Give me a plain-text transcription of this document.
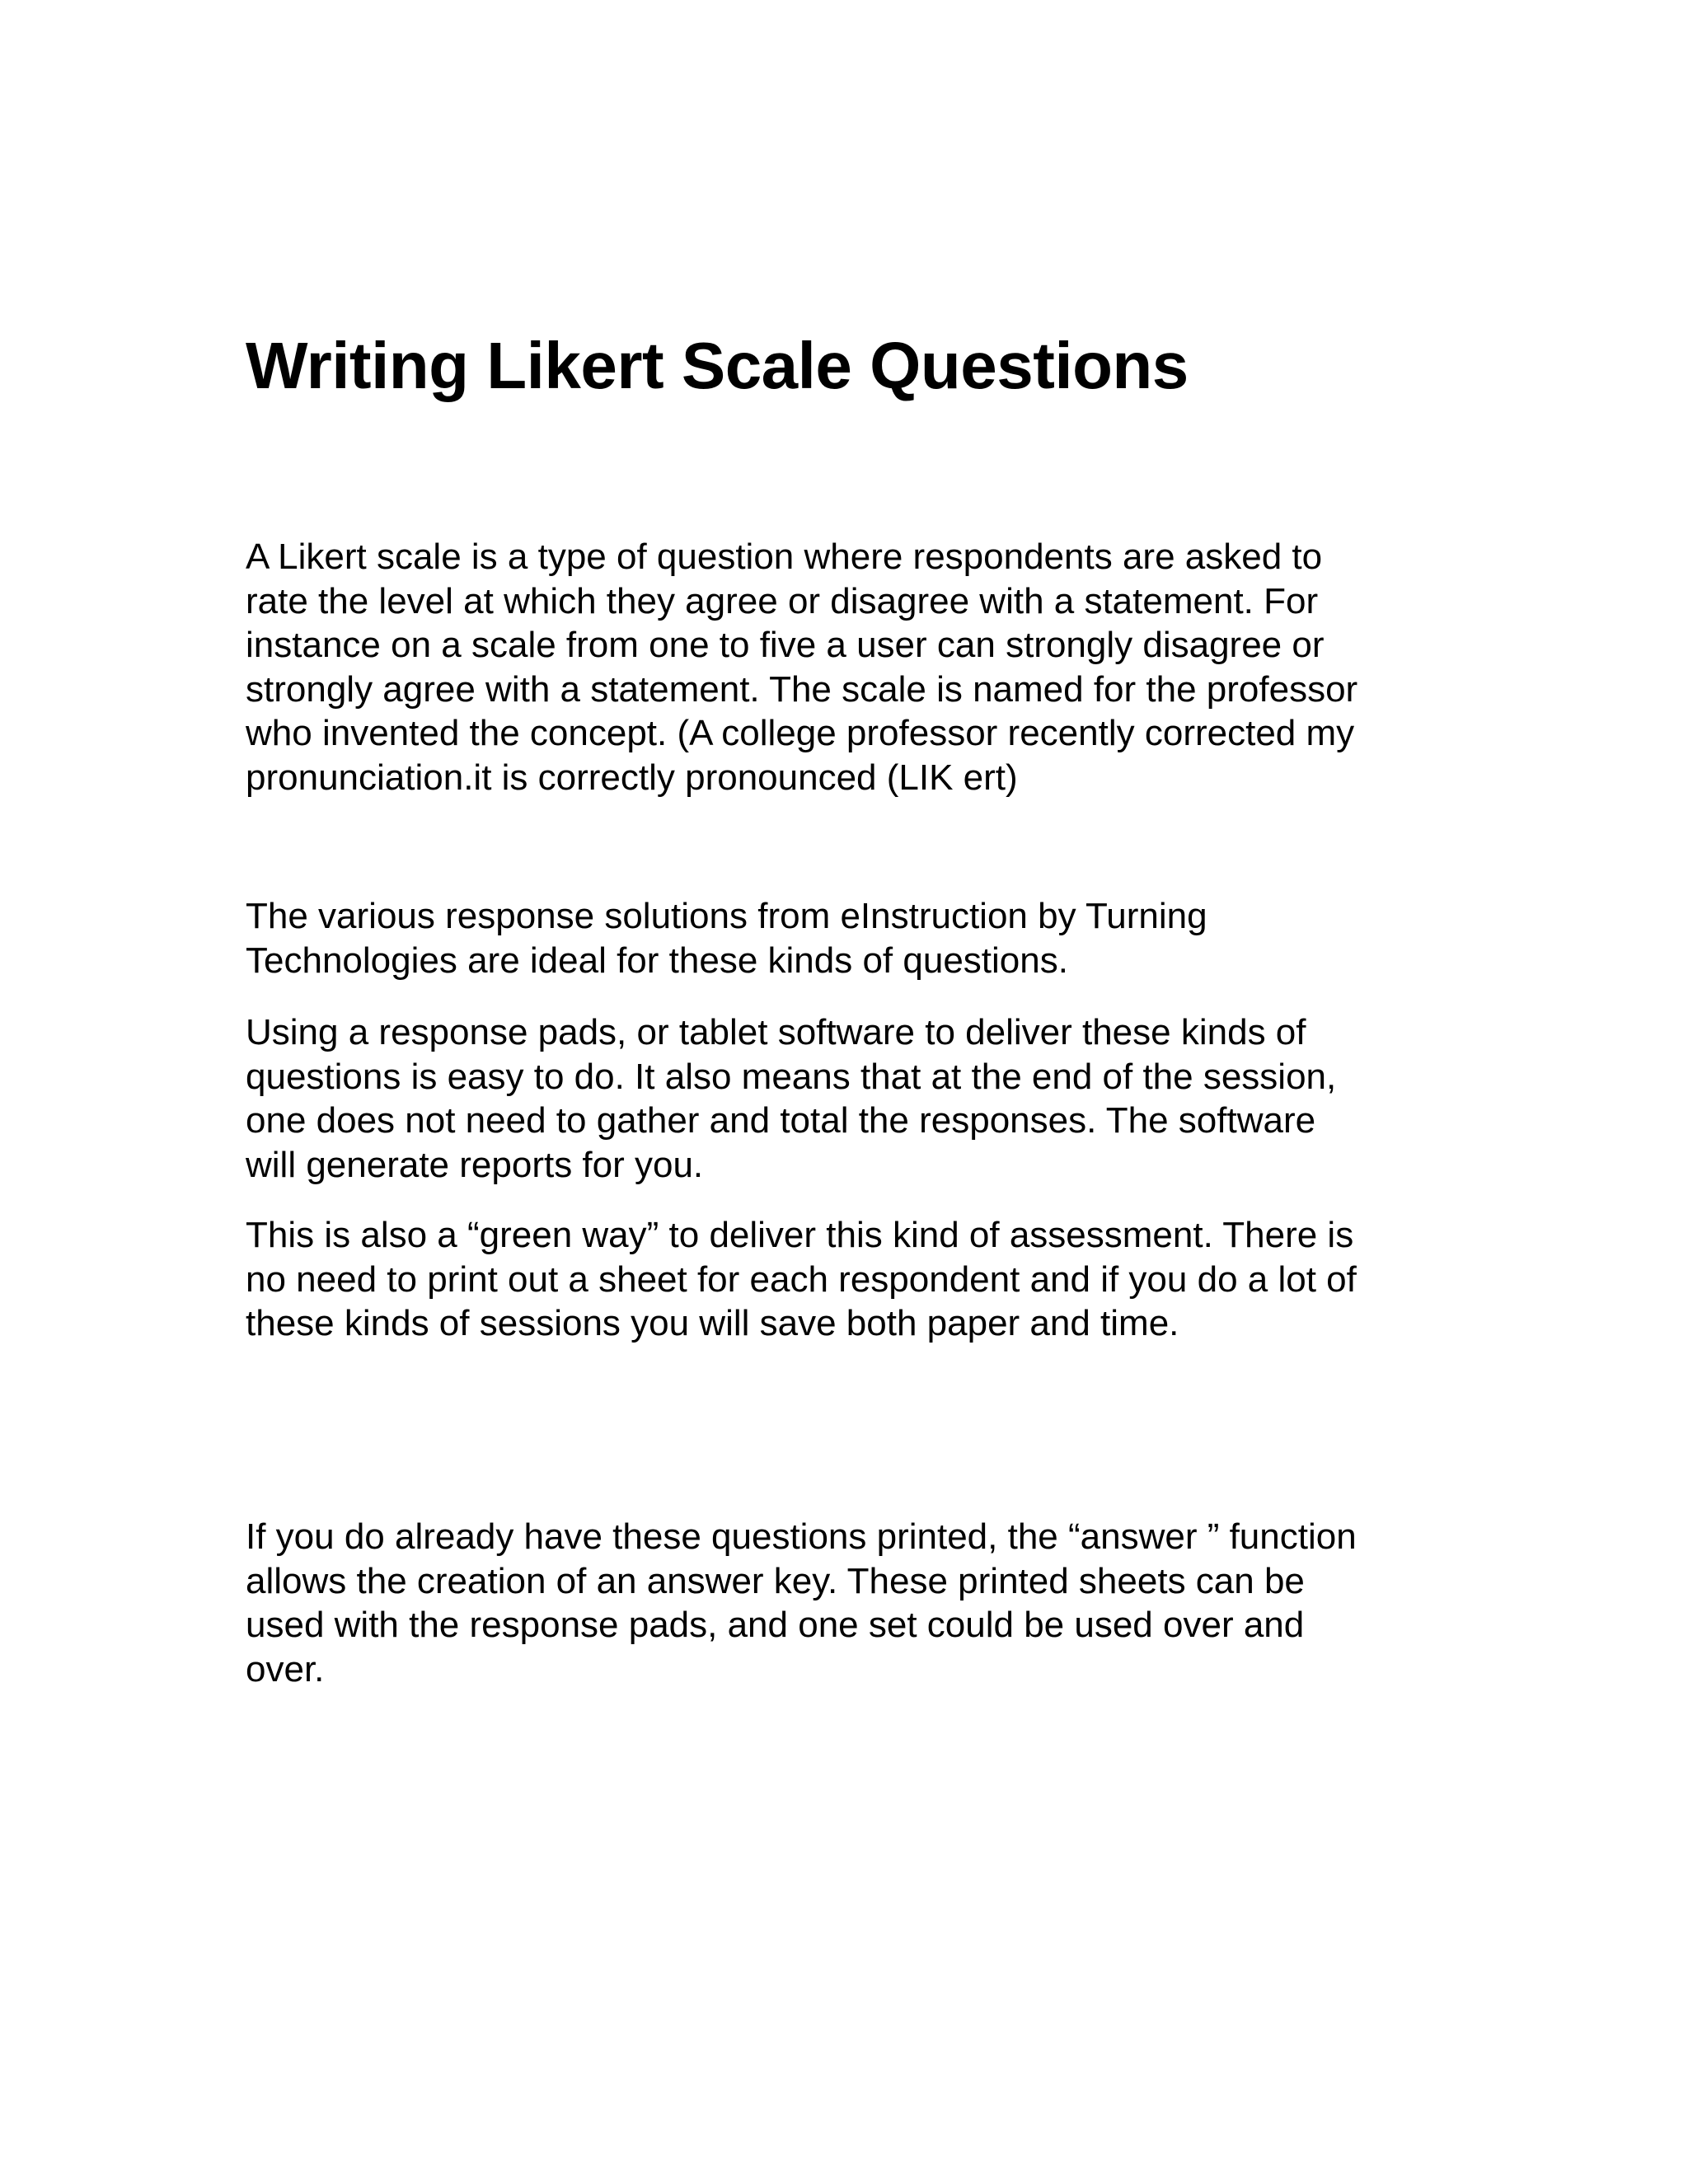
Writing Likert Scale Questions

A Likert scale is a type of question where respondents are asked to
rate the level at which they agree or disagree with a statement. For
instance on a scale from one to five a user can strongly disagree or
strongly agree with a statement. The scale is named for the professor
who invented the concept. (A college professor recently corrected my
pronunciation.it is correctly pronounced (LIK ert)

The various response solutions from eInstruction by Turning
Technologies are ideal for these kinds of questions.

Using a response pads, or tablet software to deliver these kinds of
questions is easy to do. It also means that at the end of the session,
one does not need to gather and total the responses. The software
will generate reports for you.

This is also a “green way” to deliver this kind of assessment. There is
no need to print out a sheet for each respondent and if you do a lot of
these kinds of sessions you will save both paper and time.

If you do already have these questions printed, the “answer ” function
allows the creation of an answer key. These printed sheets can be
used with the response pads, and one set could be used over and
over.
